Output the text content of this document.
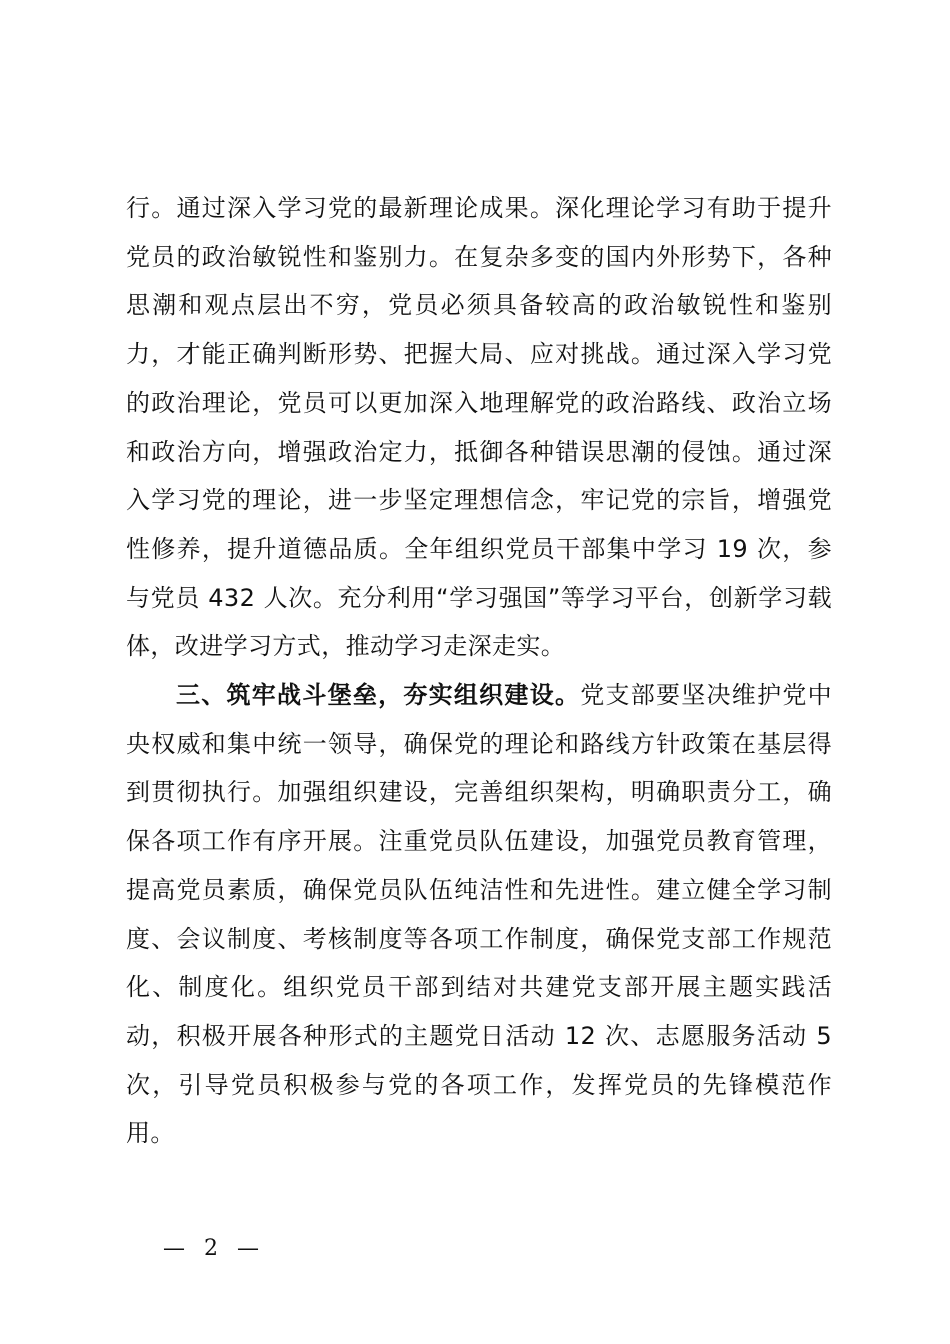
行。通过深入学习党的最新理论成果。深化理论学习有助于提升党员的政治敏锐性和鉴别力。在复杂多变的国内外形势下，各种思潮和观点层出不穷，党员必须具备较高的政治敏锐性和鉴别力，才能正确判断形势、把握大局、应对挑战。通过深入学习党的政治理论，党员可以更加深入地理解党的政治路线、政治立场和政治方向，增强政治定力，抵御各种错误思潮的侵蚀。通过深入学习党的理论，进一步坚定理想信念，牢记党的宗旨，增强党性修养，提升道德品质。全年组织党员干部集中学习 19 次，参与党员 432 人次。充分利用“学习强国”等学习平台，创新学习载体，改进学习方式，推动学习走深走实。

三、筑牢战斗堡垒，夯实组织建设。党支部要坚决维护党中央权威和集中统一领导，确保党的理论和路线方针政策在基层得到贯彻执行。加强组织建设，完善组织架构，明确职责分工，确保各项工作有序开展。注重党员队伍建设，加强党员教育管理，提高党员素质，确保党员队伍纯洁性和先进性。建立健全学习制度、会议制度、考核制度等各项工作制度，确保党支部工作规范化、制度化。组织党员干部到结对共建党支部开展主题实践活动，积极开展各种形式的主题党日活动 12 次、志愿服务活动 5 次，引导党员积极参与党的各项工作，发挥党员的先锋模范作用。

— 2 —
